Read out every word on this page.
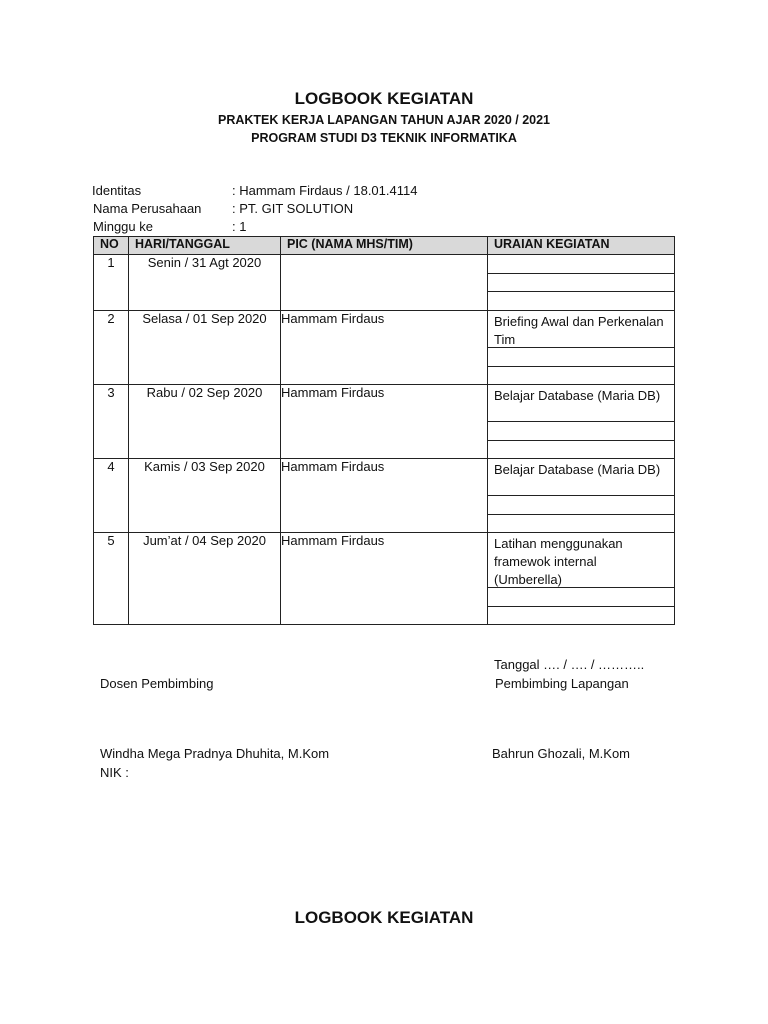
LOGBOOK KEGIATAN
PRAKTEK KERJA LAPANGAN TAHUN AJAR 2020 / 2021
PROGRAM STUDI D3 TEKNIK INFORMATIKA
Identitas	: Hammam Firdaus / 18.01.4114
Nama Perusahaan : PT. GIT SOLUTION
Minggu ke	: 1
NO	HARI/TANGGAL	PIC (NAMA MHS/TIM)	URAIAN KEGIATAN
1	Senin / 31 Agt 2020		

2	Selasa / 01 Sep 2020	Hammam Firdaus	Briefing Awal dan Perkenalan Tim

3	Rabu / 02 Sep 2020	Hammam Firdaus	Belajar Database (Maria DB)

4	Kamis / 03 Sep 2020	Hammam Firdaus	Belajar Database (Maria DB)

5	Jum’at / 04 Sep 2020	Hammam Firdaus	Latihan menggunakan framewok internal (Umberella)
Tanggal …. / …. / ………..
Dosen Pembimbing	Pembimbing Lapangan
Windha Mega Pradnya Dhuhita, M.Kom	Bahrun Ghozali, M.Kom
NIK :
LOGBOOK KEGIATAN
